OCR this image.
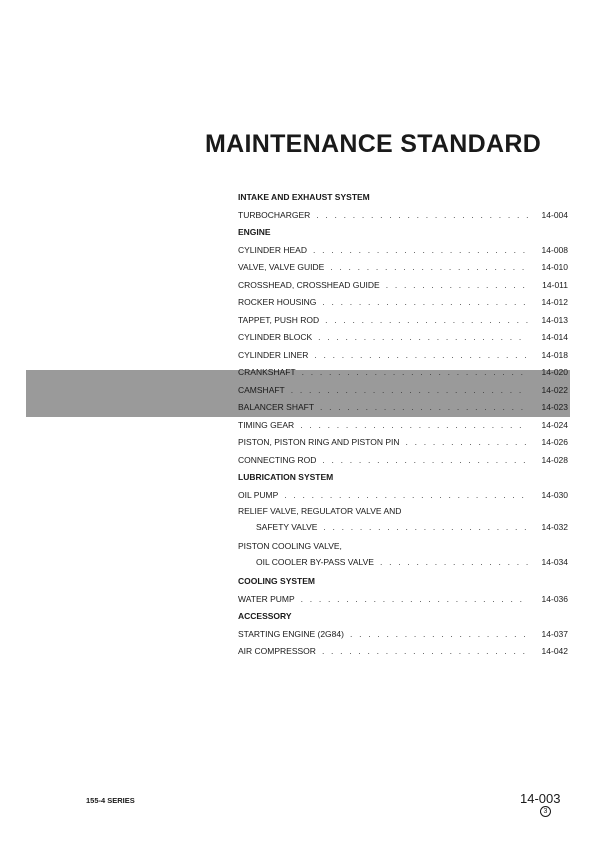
MAINTENANCE STANDARD
INTAKE AND EXHAUST SYSTEM
TURBOCHARGER . . .	14-004
ENGINE
CYLINDER HEAD . . .	14-008
VALVE, VALVE GUIDE . . .	14-010
CROSSHEAD, CROSSHEAD GUIDE . . .	14-011
ROCKER HOUSING . . .	14-012
TAPPET, PUSH ROD . . .	14-013
CYLINDER BLOCK . . .	14-014
CYLINDER LINER . . .	14-018
CRANKSHAFT . . .	14-020
CAMSHAFT . . .	14-022
BALANCER SHAFT . . .	14-023
TIMING GEAR . . .	14-024
PISTON, PISTON RING AND PISTON PIN . . .	14-026
CONNECTING ROD . . .	14-028
LUBRICATION SYSTEM
OIL PUMP . . .	14-030
RELIEF VALVE, REGULATOR VALVE AND
SAFETY VALVE . . .	14-032
PISTON COOLING VALVE,
OIL COOLER BY-PASS VALVE . . .	14-034
COOLING SYSTEM
WATER PUMP . . .	14-036
ACCESSORY
STARTING ENGINE (2G84) . . .	14-037
AIR COMPRESSOR . . .	14-042
155-4 SERIES	14-003
3
